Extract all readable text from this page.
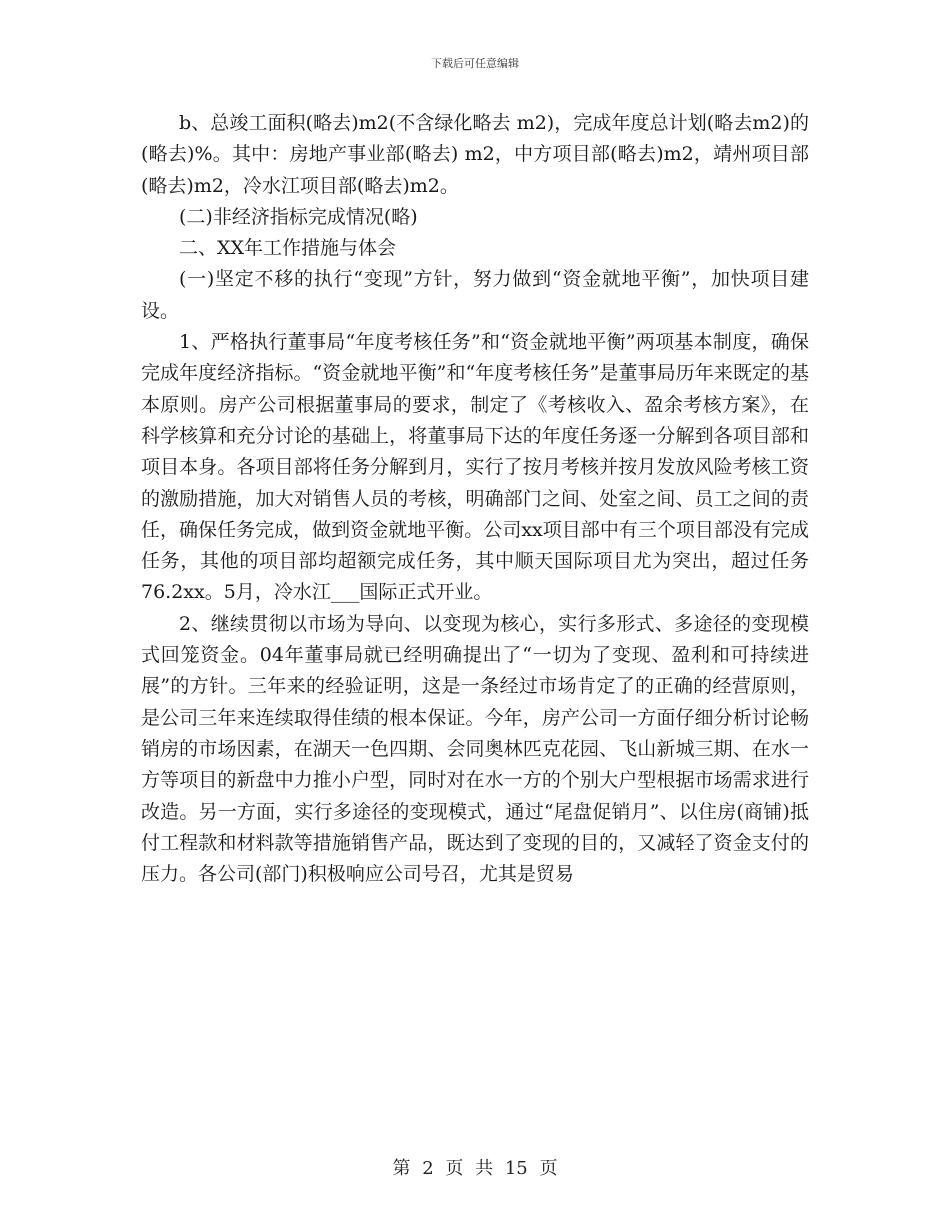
下载后可任意编辑

b、总竣工面积(略去)m2(不含绿化略去 m2)，完成年度总计划(略去m2)的(略去)%。其中：房地产事业部(略去) m2，中方项目部(略去)m2，靖州项目部(略去)m2，冷水江项目部(略去)m2。

(二)非经济指标完成情况(略)

二、XX年工作措施与体会

(一)坚定不移的执行“变现”方针，努力做到“资金就地平衡”，加快项目建设。

1、严格执行董事局“年度考核任务”和“资金就地平衡”两项基本制度，确保完成年度经济指标。“资金就地平衡”和“年度考核任务”是董事局历年来既定的基本原则。房产公司根据董事局的要求，制定了《考核收入、盈余考核方案》，在科学核算和充分讨论的基础上，将董事局下达的年度任务逐一分解到各项目部和项目本身。各项目部将任务分解到月，实行了按月考核并按月发放风险考核工资的激励措施，加大对销售人员的考核，明确部门之间、处室之间、员工之间的责任，确保任务完成，做到资金就地平衡。公司xx项目部中有三个项目部没有完成任务，其他的项目部均超额完成任务，其中顺天国际项目尤为突出，超过任务76.2xx。5月，冷水江___国际正式开业。

2、继续贯彻以市场为导向、以变现为核心，实行多形式、多途径的变现模式回笼资金。04年董事局就已经明确提出了“一切为了变现、盈利和可持续进展”的方针。三年来的经验证明，这是一条经过市场肯定了的正确的经营原则，是公司三年来连续取得佳绩的根本保证。今年，房产公司一方面仔细分析讨论畅销房的市场因素，在湖天一色四期、会同奥林匹克花园、飞山新城三期、在水一方等项目的新盘中力推小户型，同时对在水一方的个别大户型根据市场需求进行改造。另一方面，实行多途径的变现模式，通过“尾盘促销月”、以住房(商铺)抵付工程款和材料款等措施销售产品，既达到了变现的目的，又减轻了资金支付的压力。各公司(部门)积极响应公司号召，尤其是贸易

第 2 页 共 15 页
